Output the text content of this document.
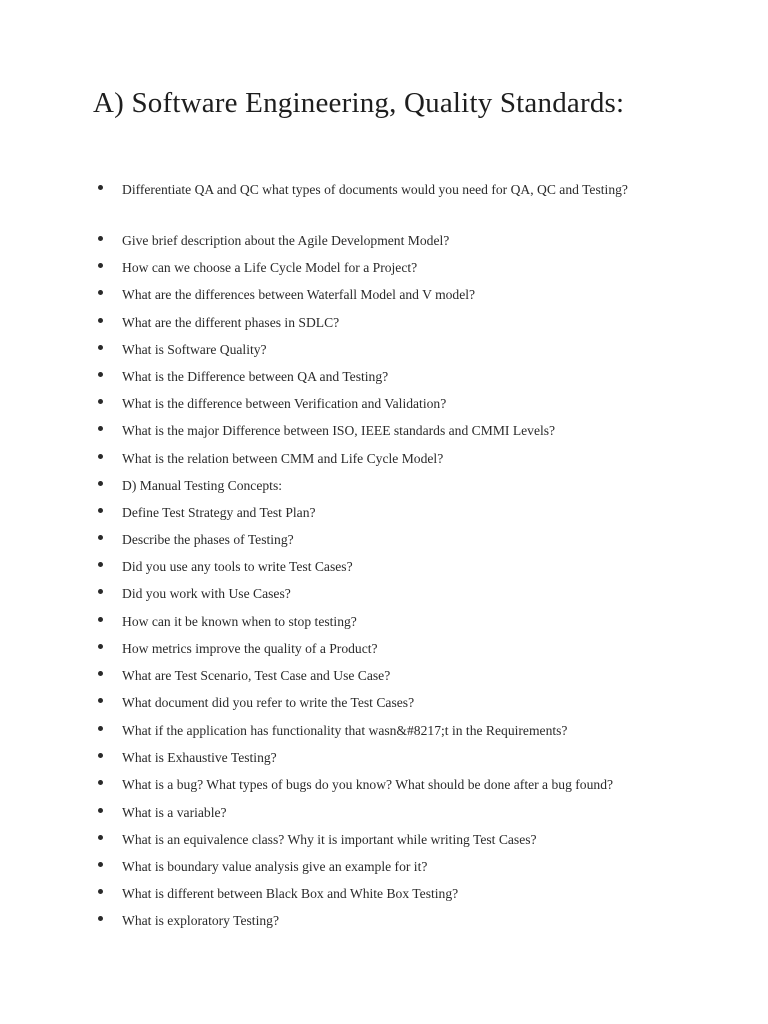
A) Software Engineering, Quality Standards:
Differentiate QA and QC what types of documents would you need for QA, QC and Testing?
Give brief description about the Agile Development Model?
How can we choose a Life Cycle Model for a Project?
What are the differences between Waterfall Model and V model?
What are the different phases in SDLC?
What is Software Quality?
What is the Difference between QA and Testing?
What is the difference between Verification and Validation?
What is the major Difference between ISO, IEEE standards and CMMI Levels?
What is the relation between CMM and Life Cycle Model?
D) Manual Testing Concepts:
Define Test Strategy and Test Plan?
Describe the phases of Testing?
Did you use any tools to write Test Cases?
Did you work with Use Cases?
How can it be known when to stop testing?
How metrics improve the quality of a Product?
What are Test Scenario, Test Case and Use Case?
What document did you refer to write the Test Cases?
What if the application has functionality that wasn&#8217;t in the Requirements?
What is Exhaustive Testing?
What is a bug? What types of bugs do you know? What should be done after a bug found?
What is a variable?
What is an equivalence class? Why it is important while writing Test Cases?
What is boundary value analysis give an example for it?
What is different between Black Box and White Box Testing?
What is exploratory Testing?
